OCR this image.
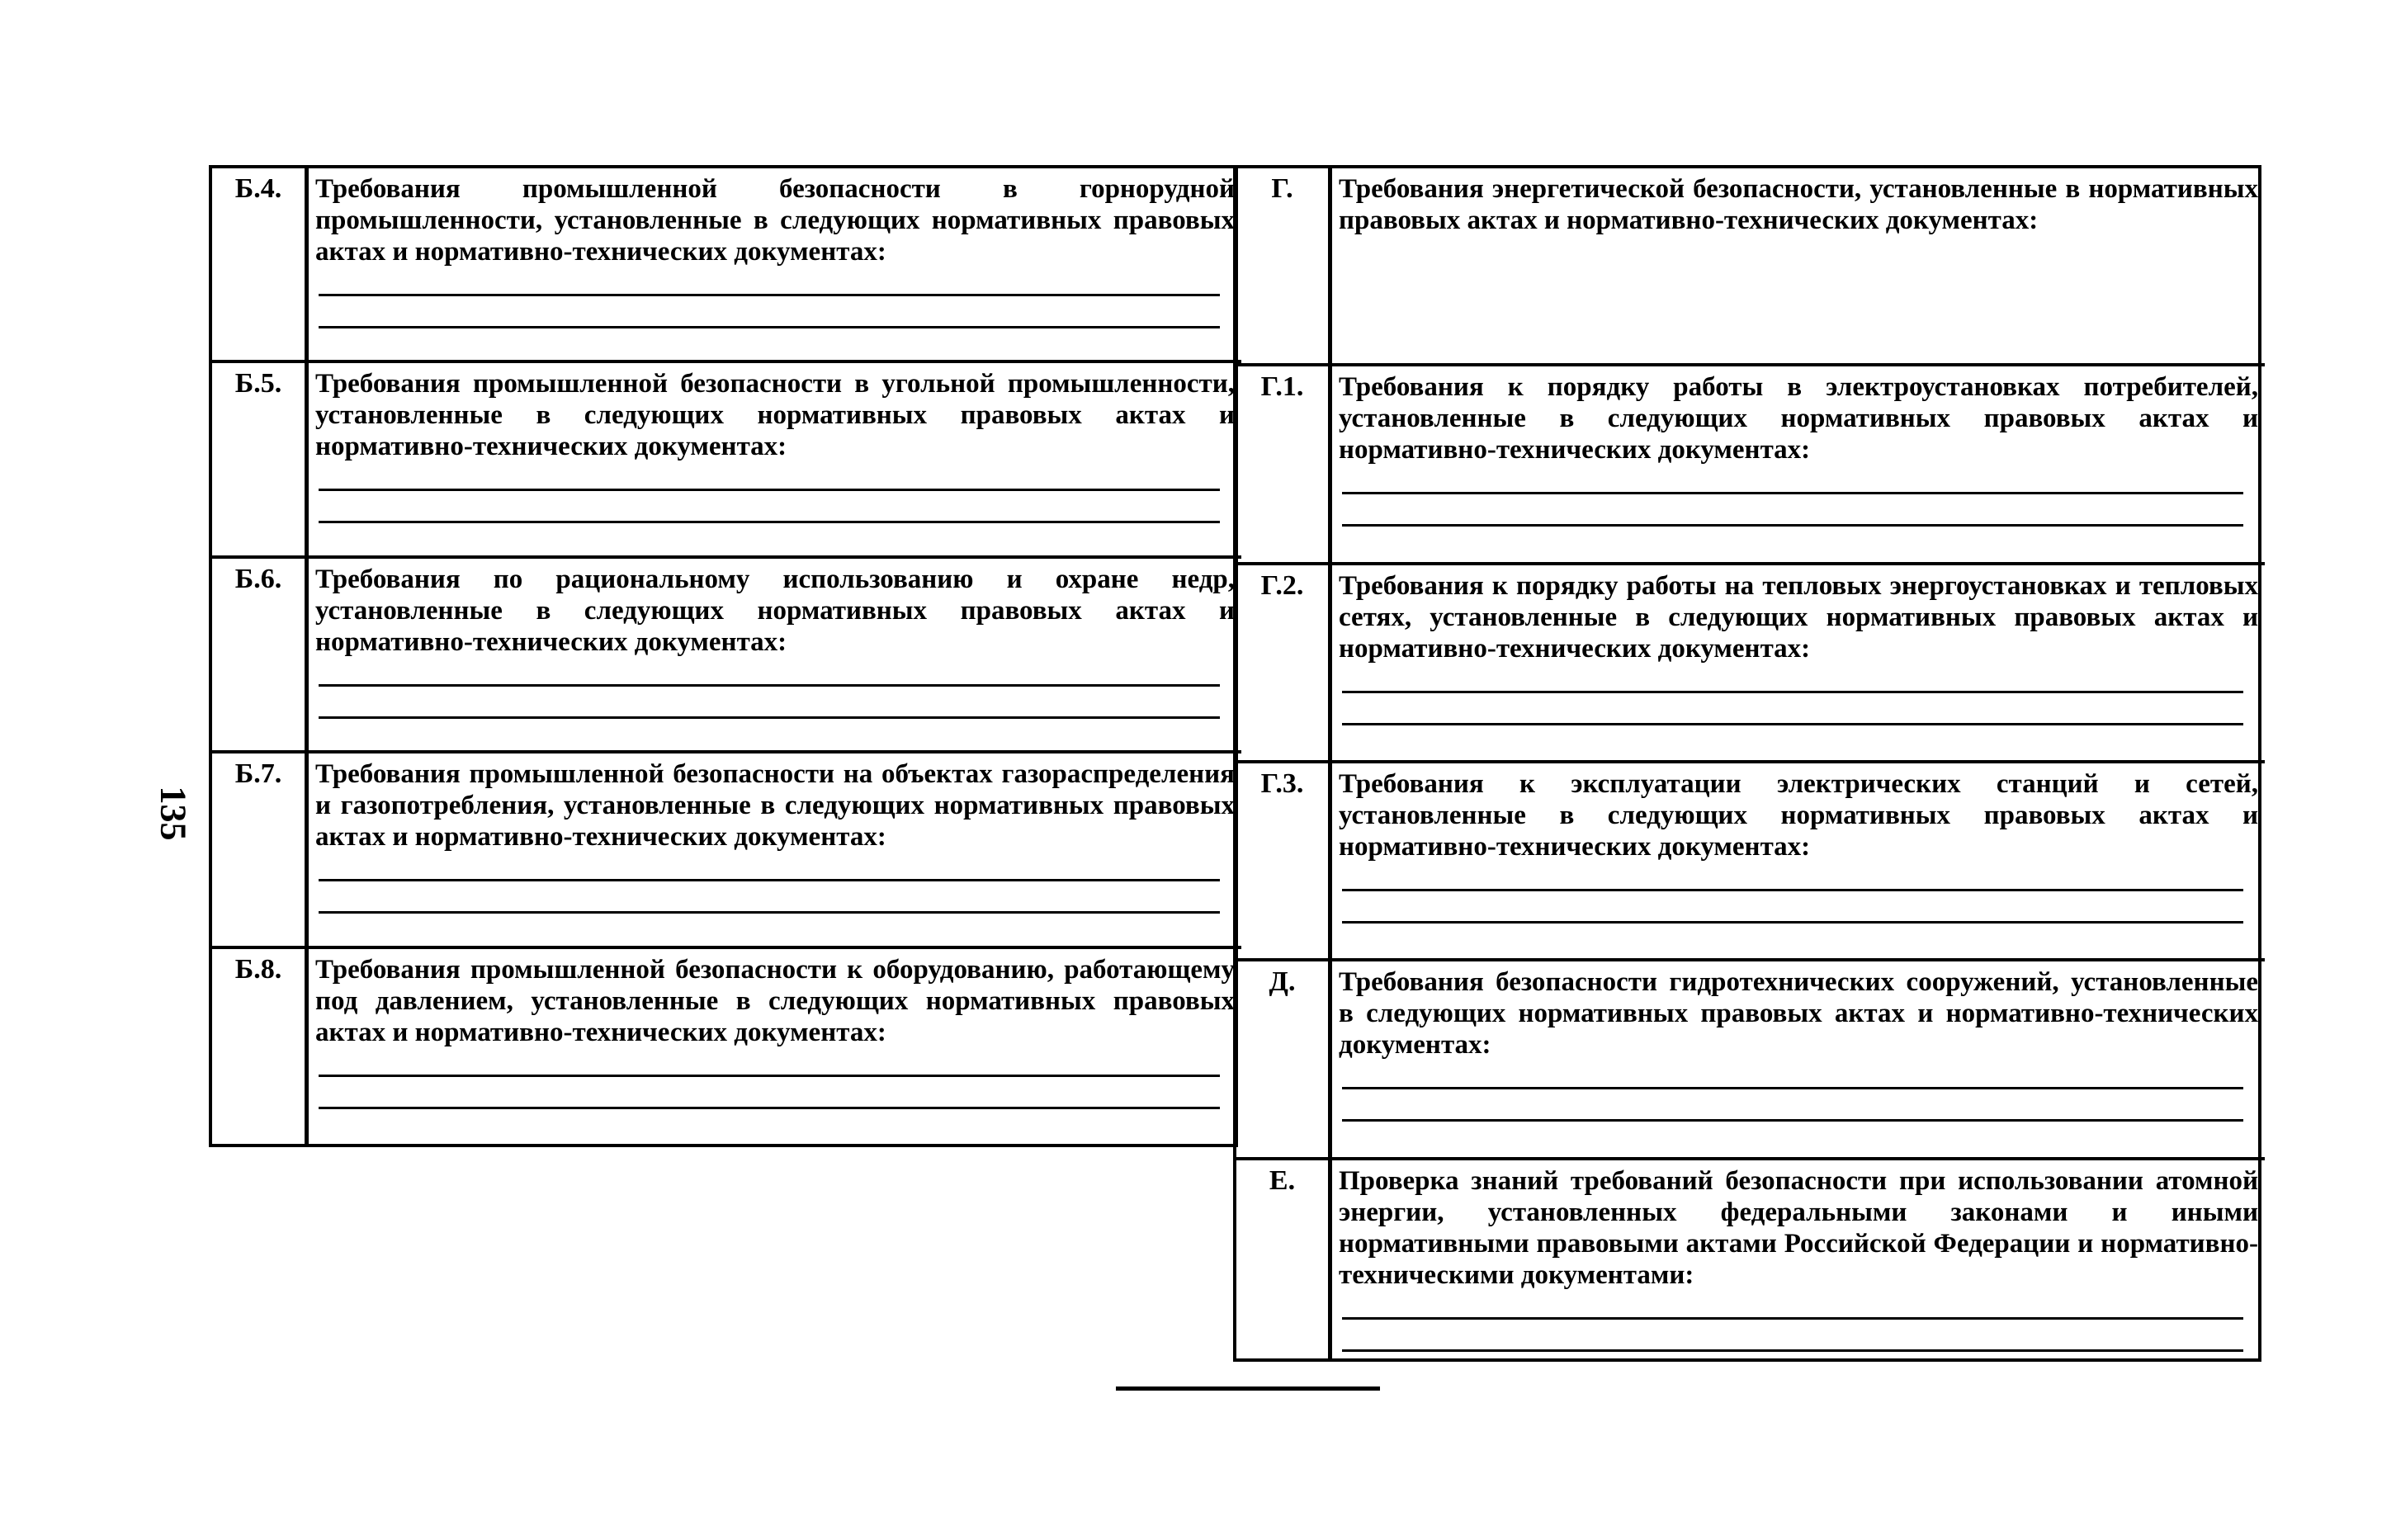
135
Б.4.	Требования промышленной безопасности в горнорудной промышленности, установленные в следующих нормативных правовых актах и нормативно-технических документах:
Б.5.	Требования промышленной безопасности в угольной промышленности, установленные в следующих нормативных правовых актах и нормативно-технических документах:
Б.6.	Требования по рациональному использованию и охране недр, установленные в следующих нормативных правовых актах и нормативно-технических документах:
Б.7.	Требования промышленной безопасности на объектах газораспределения и газопотребления, установленные в следующих нормативных правовых актах и нормативно-технических документах:
Б.8.	Требования промышленной безопасности к оборудованию, работающему под давлением, установленные в следующих нормативных правовых актах и нормативно-технических документах:
Г.	Требования энергетической безопасности, установленные в нормативных правовых актах и нормативно-технических документах:
Г.1.	Требования к порядку работы в электроустановках потребителей, установленные в следующих нормативных правовых актах и нормативно-технических документах:
Г.2.	Требования к порядку работы на тепловых энергоустановках и тепловых сетях, установленные в следующих нормативных правовых актах и нормативно-технических документах:
Г.3.	Требования к эксплуатации электрических станций и сетей, установленные в следующих нормативных правовых актах и нормативно-технических документах:
Д.	Требования безопасности гидротехнических сооружений, установленные в следующих нормативных правовых актах и нормативно-технических документах:
Е.	Проверка знаний требований безопасности при использовании атомной энергии, установленных федеральными законами и иными нормативными правовыми актами Российской Федерации и нормативно-техническими документами:
